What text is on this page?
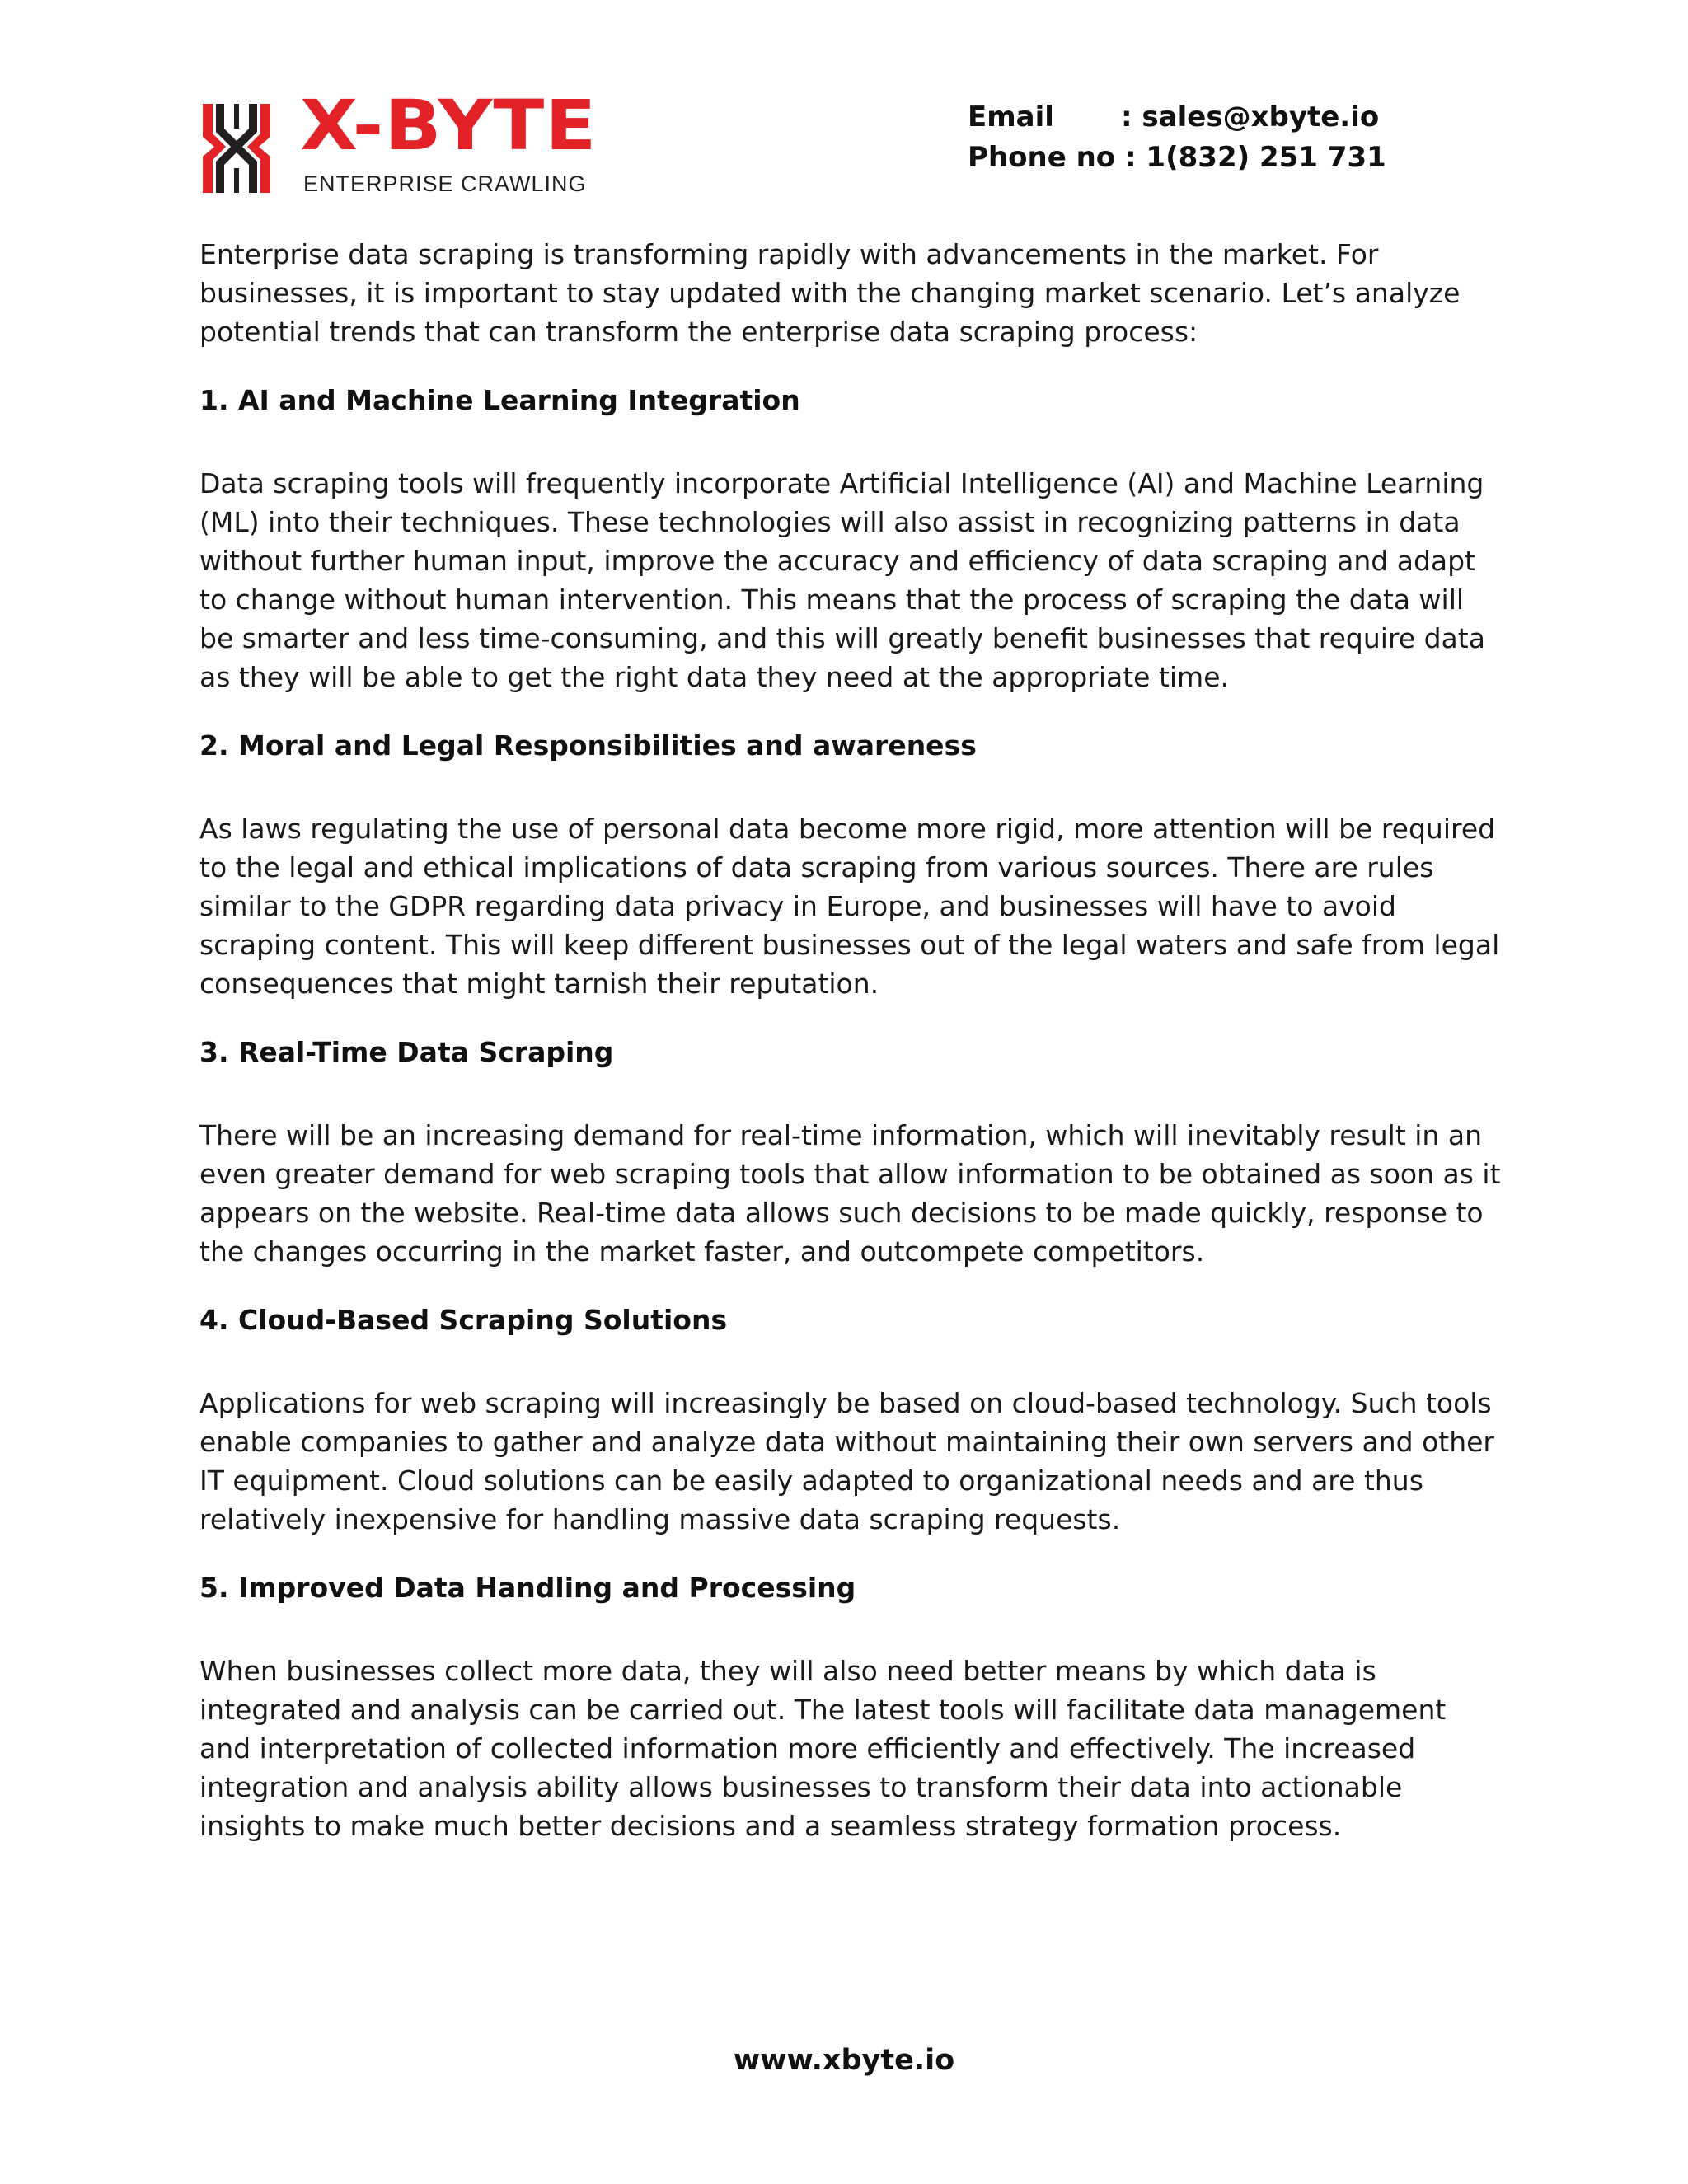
X-BYTE
ENTERPRISE CRAWLING
Email : sales@xbyte.io
Phone no : 1(832) 251 731

Enterprise data scraping is transforming rapidly with advancements in the market. For businesses, it is important to stay updated with the changing market scenario. Let’s analyze potential trends that can transform the enterprise data scraping process:

1. AI and Machine Learning Integration

Data scraping tools will frequently incorporate Artificial Intelligence (AI) and Machine Learning (ML) into their techniques. These technologies will also assist in recognizing patterns in data without further human input, improve the accuracy and efficiency of data scraping and adapt to change without human intervention. This means that the process of scraping the data will be smarter and less time-consuming, and this will greatly benefit businesses that require data as they will be able to get the right data they need at the appropriate time.

2. Moral and Legal Responsibilities and awareness

As laws regulating the use of personal data become more rigid, more attention will be required to the legal and ethical implications of data scraping from various sources. There are rules similar to the GDPR regarding data privacy in Europe, and businesses will have to avoid scraping content. This will keep different businesses out of the legal waters and safe from legal consequences that might tarnish their reputation.

3. Real-Time Data Scraping

There will be an increasing demand for real-time information, which will inevitably result in an even greater demand for web scraping tools that allow information to be obtained as soon as it appears on the website. Real-time data allows such decisions to be made quickly, response to the changes occurring in the market faster, and outcompete competitors.

4. Cloud-Based Scraping Solutions

Applications for web scraping will increasingly be based on cloud-based technology. Such tools enable companies to gather and analyze data without maintaining their own servers and other IT equipment. Cloud solutions can be easily adapted to organizational needs and are thus relatively inexpensive for handling massive data scraping requests.

5. Improved Data Handling and Processing

When businesses collect more data, they will also need better means by which data is integrated and analysis can be carried out. The latest tools will facilitate data management and interpretation of collected information more efficiently and effectively. The increased integration and analysis ability allows businesses to transform their data into actionable insights to make much better decisions and a seamless strategy formation process.

www.xbyte.io
